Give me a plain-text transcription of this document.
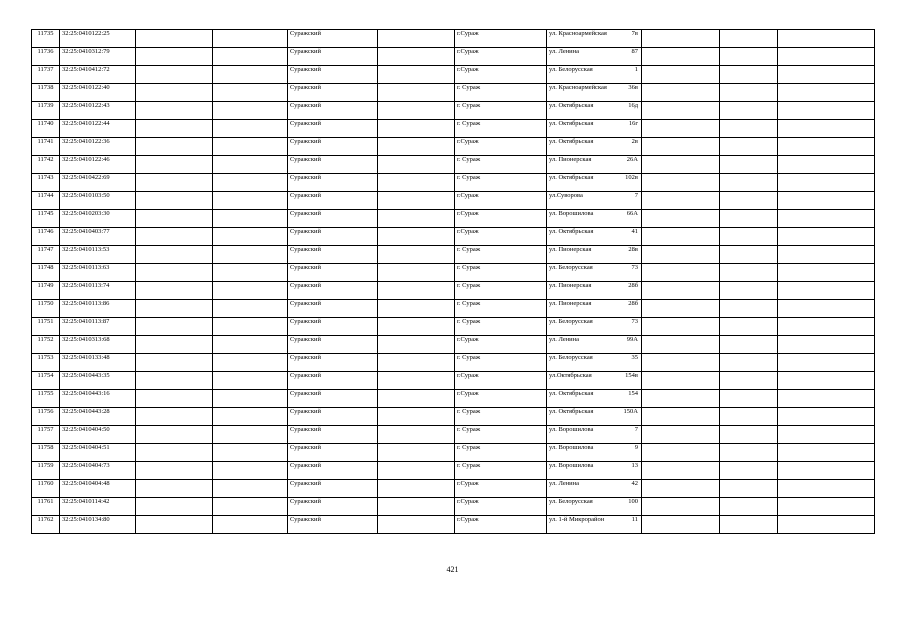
11735	32:25:0410122:25			Суражский		г.Сураж	ул. Красноармейская 7в			

11736	32:25:0410312:79			Суражский		г.Сураж	ул. Ленина 87			

11737	32:25:0410412:72			Суражский		г.Сураж	ул. Белорусская 1			

11738	32:25:0410122:40			Суражский		г. Сураж	ул. Красноармейская 36в			

11739	32:25:0410122:43			Суражский		г. Сураж	ул. Октябрьская 16д			

11740	32:25:0410122:44			Суражский		г. Сураж	ул. Октябрьская 16г			

11741	32:25:0410122:36			Суражский		г.Сураж	ул. Октябрьская 2в			

11742	32:25:0410122:46			Суражский		г. Сураж	ул. Пионерская 26А			

11743	32:25:0410422:69			Суражский		г. Сураж	ул. Октябрьская 102в			

11744	32:25:0410103:50			Суражский		г.Сураж	ул.Суворова 7			

11745	32:25:0410203:30			Суражский		г.Сураж	ул. Ворошилова 66А			

11746	32:25:0410403:77			Суражский		г.Сураж	ул. Октябрьская 41			

11747	32:25:0410113:53			Суражский		г. Сураж	ул. Пионерская 28в			

11748	32:25:0410113:63			Суражский		г. Сураж	ул. Белорусская 73			

11749	32:25:0410113:74			Суражский		г. Сураж	ул. Пионерская 28б			

11750	32:25:0410113:86			Суражский		г. Сураж	ул. Пионерская 28б			

11751	32:25:0410113:87			Суражский		г. Сураж	ул. Белорусская 73			

11752	32:25:0410313:68			Суражский		г.Сураж	ул. Ленина 99А			

11753	32:25:0410133:48			Суражский		г. Сураж	ул. Белорусская 35			

11754	32:25:0410443:35			Суражский		г.Сураж	ул.Октябрьская 154в			

11755	32:25:0410443:16			Суражский		г.Сураж	ул. Октябрьская 154			

11756	32:25:0410443:28			Суражский		г. Сураж	ул. Октябрьская 150А			

11757	32:25:0410404:50			Суражский		г. Сураж	ул. Ворошилова 7			

11758	32:25:0410404:51			Суражский		г. Сураж	ул. Ворошилова 9			

11759	32:25:0410404:73			Суражский		г. Сураж	ул. Ворошилова 13			

11760	32:25:0410404:48			Суражский		г.Сураж	ул. Ленина 42			

11761	32:25:0410114:42			Суражский		г.Сураж	ул. Белорусская 100			

11762	32:25:0410134:80			Суражский		г.Сураж	ул. 1-й Микрорайон 11			

421
